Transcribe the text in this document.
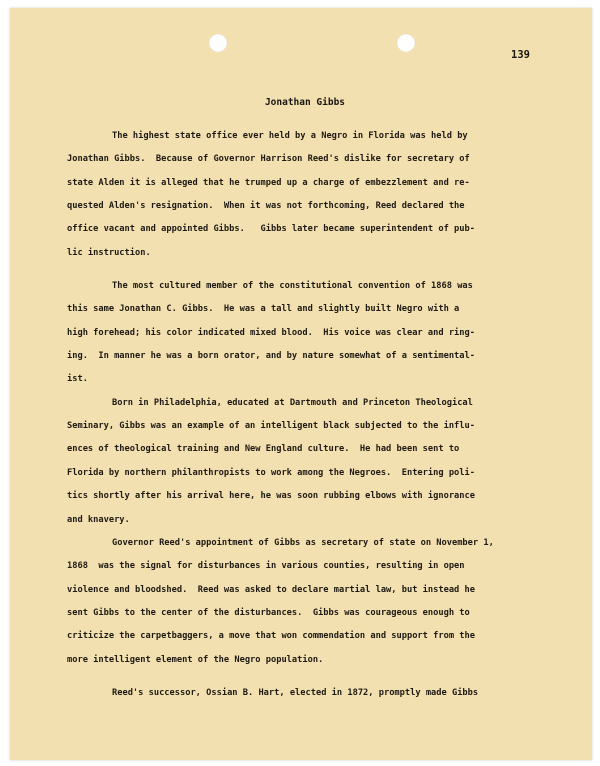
139
Jonathan Gibbs
The highest state office ever held by a Negro in Florida was held by
Jonathan Gibbs.  Because of Governor Harrison Reed's dislike for secretary of
state Alden it is alleged that he trumped up a charge of embezzlement and re-
quested Alden's resignation.  When it was not forthcoming, Reed declared the
office vacant and appointed Gibbs.   Gibbs later became superintendent of pub-
lic instruction.
The most cultured member of the constitutional convention of 1868 was
this same Jonathan C. Gibbs.  He was a tall and slightly built Negro with a
high forehead; his color indicated mixed blood.  His voice was clear and ring-
ing.  In manner he was a born orator, and by nature somewhat of a sentimental-
ist.
Born in Philadelphia, educated at Dartmouth and Princeton Theological
Seminary, Gibbs was an example of an intelligent black subjected to the influ-
ences of theological training and New England culture.  He had been sent to
Florida by northern philanthropists to work among the Negroes.  Entering poli-
tics shortly after his arrival here, he was soon rubbing elbows with ignorance
and knavery.
Governor Reed's appointment of Gibbs as secretary of state on November 1,
1868  was the signal for disturbances in various counties, resulting in open
violence and bloodshed.  Reed was asked to declare martial law, but instead he
sent Gibbs to the center of the disturbances.  Gibbs was courageous enough to
criticize the carpetbaggers, a move that won commendation and support from the
more intelligent element of the Negro population.
Reed's successor, Ossian B. Hart, elected in 1872, promptly made Gibbs
